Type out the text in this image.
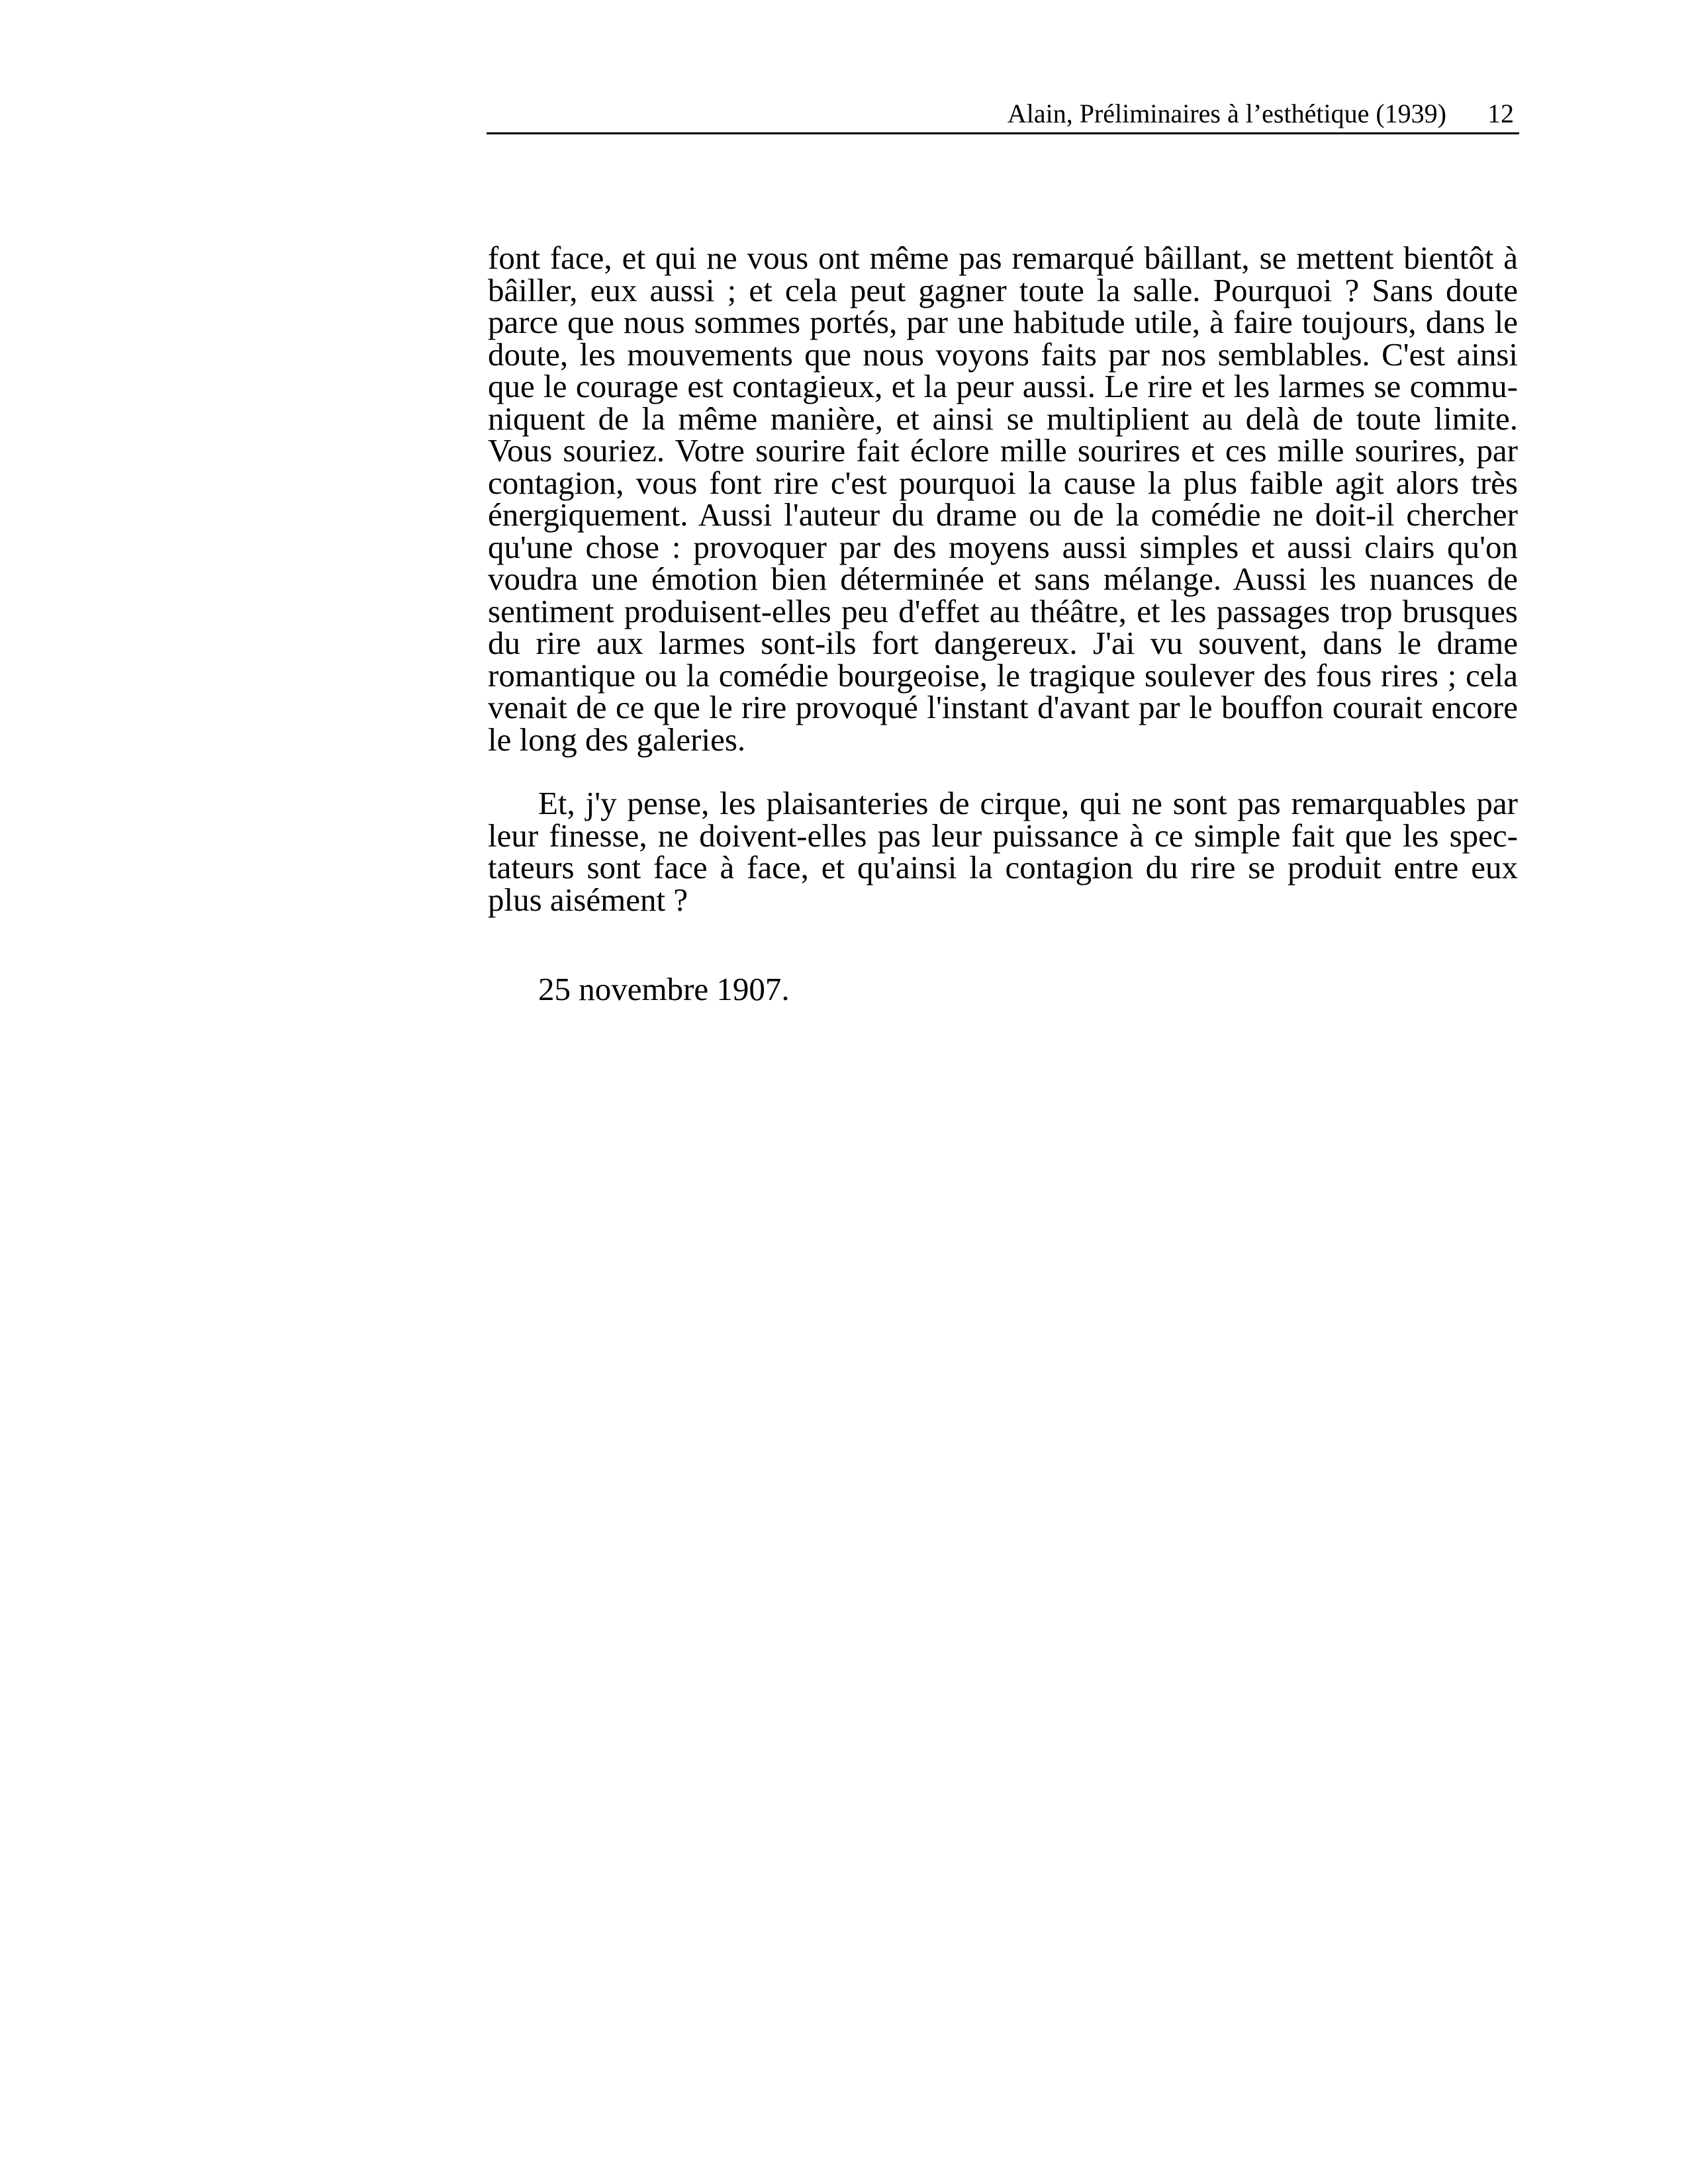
Alain, Préliminaires à l’esthétique (1939) 12

font face, et qui ne vous ont même pas remarqué bâillant, se mettent bientôt à bâiller, eux aussi ; et cela peut gagner toute la salle. Pourquoi ? Sans doute parce que nous sommes portés, par une habitude utile, à faire toujours, dans le doute, les mouvements que nous voyons faits par nos semblables. C'est ainsi que le courage est contagieux, et la peur aussi. Le rire et les larmes se communiquent de la même manière, et ainsi se multiplient au delà de toute limite. Vous souriez. Votre sourire fait éclore mille sourires et ces mille sourires, par contagion, vous font rire c'est pourquoi la cause la plus faible agit alors très énergiquement. Aussi l'auteur du drame ou de la comédie ne doit-il chercher qu'une chose : provoquer par des moyens aussi simples et aussi clairs qu'on voudra une émotion bien déterminée et sans mélange. Aussi les nuances de sentiment produisent-elles peu d'effet au théâtre, et les passages trop brusques du rire aux larmes sont-ils fort dangereux. J'ai vu souvent, dans le drame romantique ou la comédie bourgeoise, le tragique soulever des fous rires ; cela venait de ce que le rire provoqué l'instant d'avant par le bouffon courait encore le long des galeries.

Et, j'y pense, les plaisanteries de cirque, qui ne sont pas remarquables par leur finesse, ne doivent-elles pas leur puissance à ce simple fait que les spectateurs sont face à face, et qu'ainsi la contagion du rire se produit entre eux plus aisément ?

25 novembre 1907.
